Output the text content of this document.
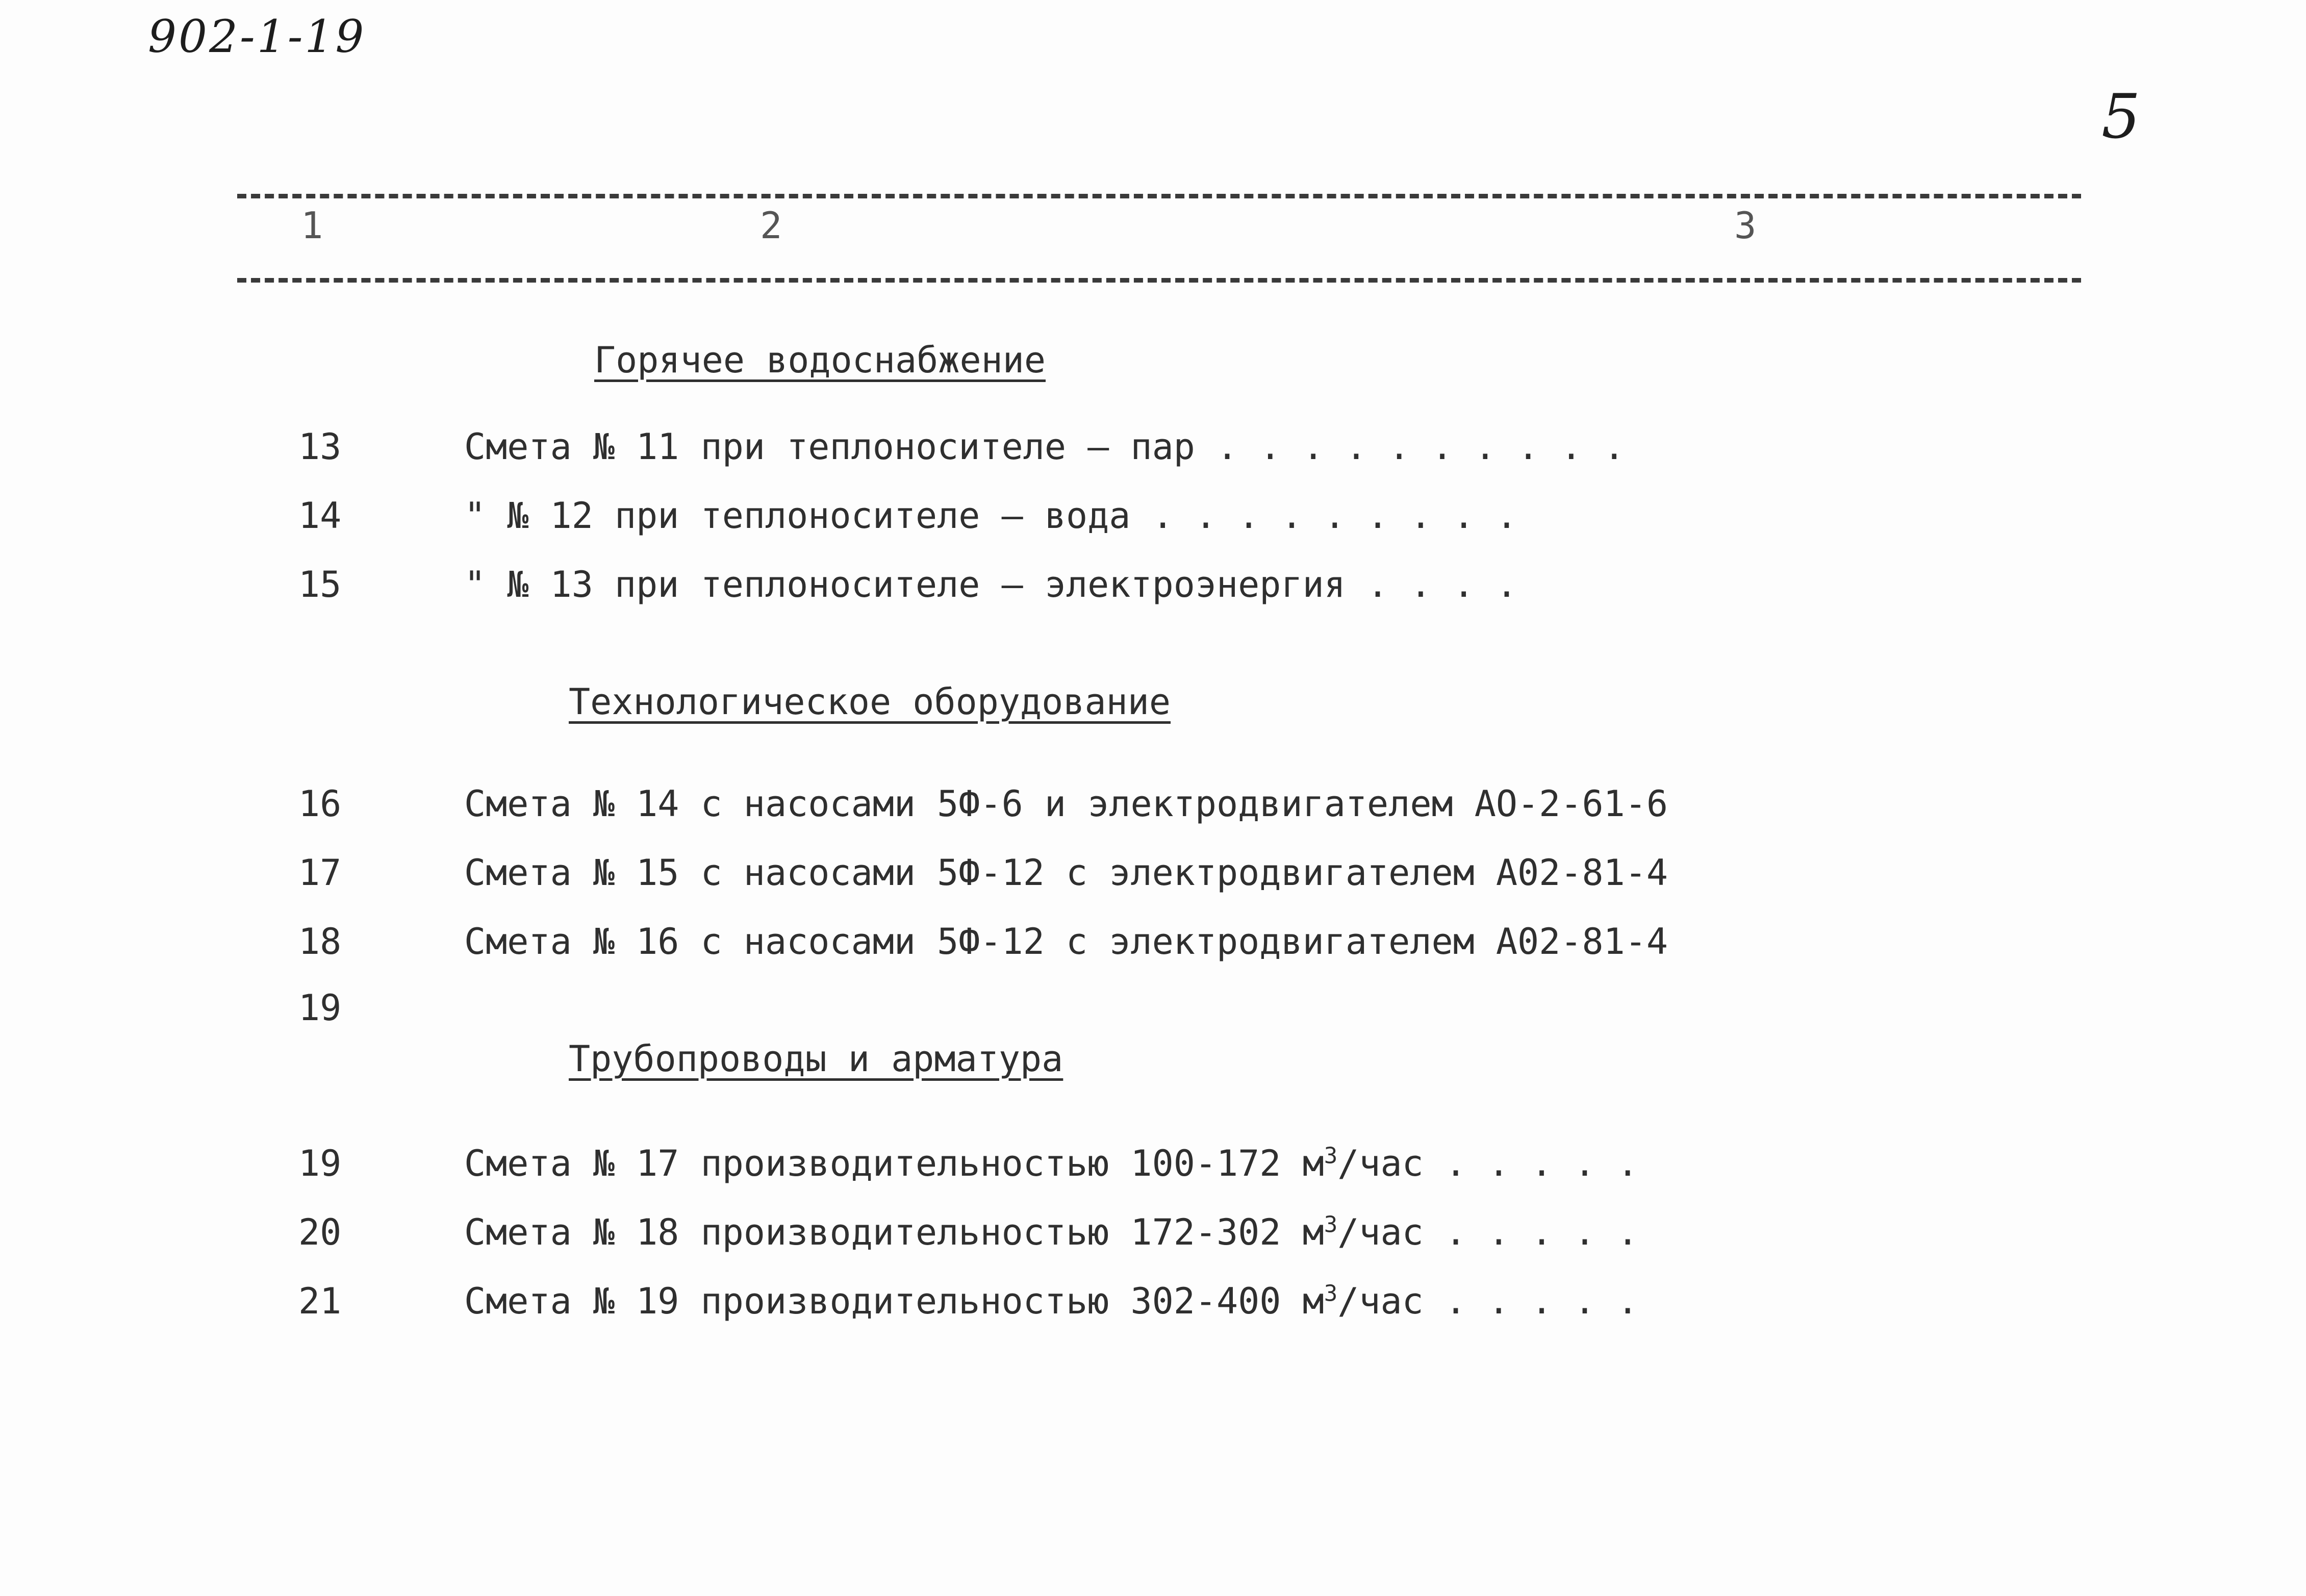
902-1-19
5
1	2	3
Горячее водоснабжение
13	Смета № 11 при теплоносителе – пар . . . . . . . . . .
14	" № 12 при теплоносителе – вода . . . . . . . . .
15	" № 13 при теплоносителе – электроэнергия . . . .
Технологическое оборудование
16	Смета № 14 с насосами 5Ф-6 и электродвигателем АО-2-61-6
17	Смета № 15 с насосами 5Ф-12 с электродвигателем А02-81-4
18	Смета № 16 с насосами 5Ф-12 с электродвигателем А02-81-4
19
Трубопроводы и арматура
19	Смета № 17 производительностью 100-172 $м^3$/час . . . . .
20	Смета № 18 производительностью 172-302 $м^3$/час . . . . .
21	Смета № 19 производительностью 302-400 $м^3$/час . . . . .
